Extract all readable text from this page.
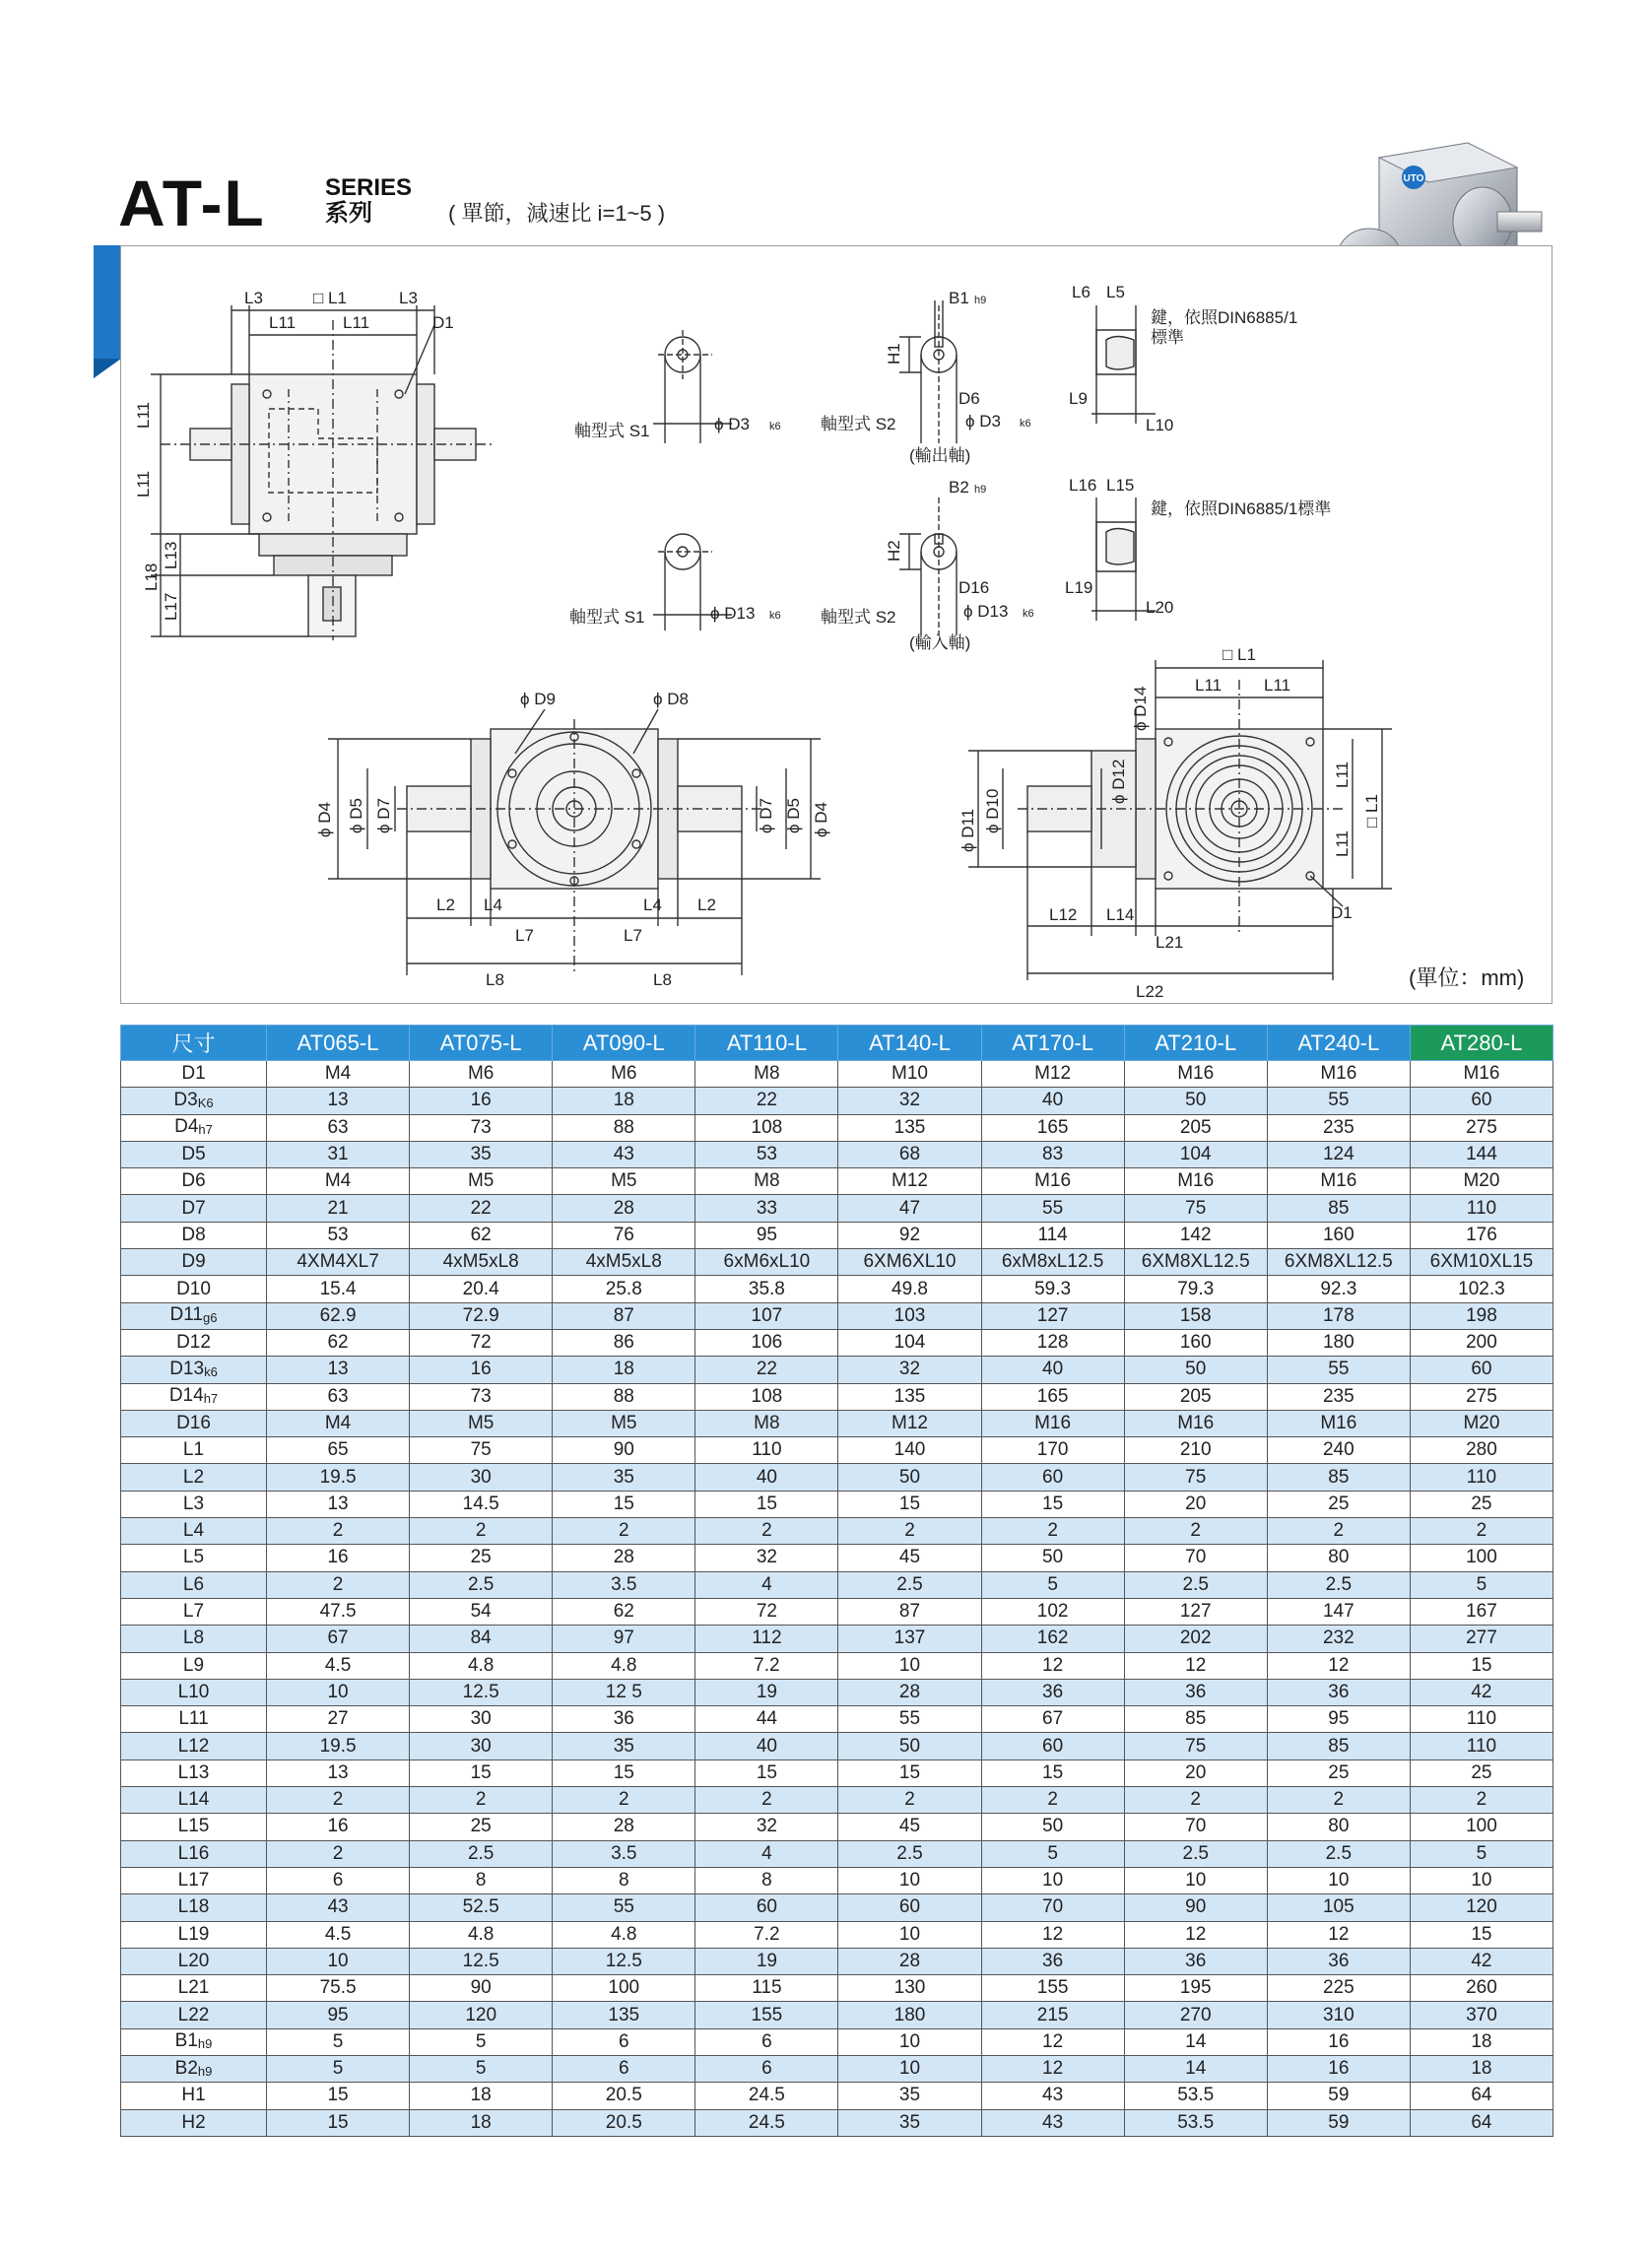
AT-L	SERIES
系列	( 單節，減速比 i=1~5 )
UTO
L3	□ L1	L3
L11	L11	D1
L11
L11
L13
L17
L18
軸型式 S1	ϕ D3 k6
B1 h9
H1
D6
軸型式 S2	ϕ D3 k6
(輸出軸)
L6 L5
鍵，依照DIN6885/1
標準
L9
L10
軸型式 S1	ϕ D13 k6
B2 h9
H2
D16
軸型式 S2	ϕ D13 k6
(輸入軸)
L16 L15
鍵，依照DIN6885/1標準
L19
L20
ϕ D9	ϕ D8
ϕ D4 ϕ D5 ϕ D7	ϕ D7 ϕ D5 ϕ D4
L2 L4	L4 L2
L7	L7
L8	L8
□ L1
L11	L11
ϕ D14
ϕ D11 ϕ D10
ϕ D12	L11
L11
□ L1
D1
L12 L14
L21
L22
(單位：mm)
尺寸	AT065-L	AT075-L	AT090-L	AT110-L	AT140-L	AT170-L	AT210-L	AT240-L	AT280-L
D1	M4	M6	M6	M8	M10	M12	M16	M16	M16
$D3_{K6}$	13	16	18	22	32	40	50	55	60
$D4_{h7}$	63	73	88	108	135	165	205	235	275
D5	31	35	43	53	68	83	104	124	144
D6	M4	M5	M5	M8	M12	M16	M16	M16	M20
D7	21	22	28	33	47	55	75	85	110
D8	53	62	76	95	92	114	142	160	176
D9	4XM4XL7	4xM5xL8	4xM5xL8	6xM6xL10	6XM6XL10	6xM8xL12.5	6XM8XL12.5	6XM8XL12.5	6XM10XL15
D10	15.4	20.4	25.8	35.8	49.8	59.3	79.3	92.3	102.3
$D11_{g6}$	62.9	72.9	87	107	103	127	158	178	198
D12	62	72	86	106	104	128	160	180	200
$D13_{k6}$	13	16	18	22	32	40	50	55	60
$D14_{h7}$	63	73	88	108	135	165	205	235	275
D16	M4	M5	M5	M8	M12	M16	M16	M16	M20
L1	65	75	90	110	140	170	210	240	280
L2	19.5	30	35	40	50	60	75	85	110
L3	13	14.5	15	15	15	15	20	25	25
L4	2	2	2	2	2	2	2	2	2
L5	16	25	28	32	45	50	70	80	100
L6	2	2.5	3.5	4	2.5	5	2.5	2.5	5
L7	47.5	54	62	72	87	102	127	147	167
L8	67	84	97	112	137	162	202	232	277
L9	4.5	4.8	4.8	7.2	10	12	12	12	15
L10	10	12.5	12 5	19	28	36	36	36	42
L11	27	30	36	44	55	67	85	95	110
L12	19.5	30	35	40	50	60	75	85	110
L13	13	15	15	15	15	15	20	25	25
L14	2	2	2	2	2	2	2	2	2
L15	16	25	28	32	45	50	70	80	100
L16	2	2.5	3.5	4	2.5	5	2.5	2.5	5
L17	6	8	8	8	10	10	10	10	10
L18	43	52.5	55	60	60	70	90	105	120
L19	4.5	4.8	4.8	7.2	10	12	12	12	15
L20	10	12.5	12.5	19	28	36	36	36	42
L21	75.5	90	100	115	130	155	195	225	260
L22	95	120	135	155	180	215	270	310	370
$B1_{h9}$	5	5	6	6	10	12	14	16	18
$B2_{h9}$	5	5	6	6	10	12	14	16	18
H1	15	18	20.5	24.5	35	43	53.5	59	64
H2	15	18	20.5	24.5	35	43	53.5	59	64
